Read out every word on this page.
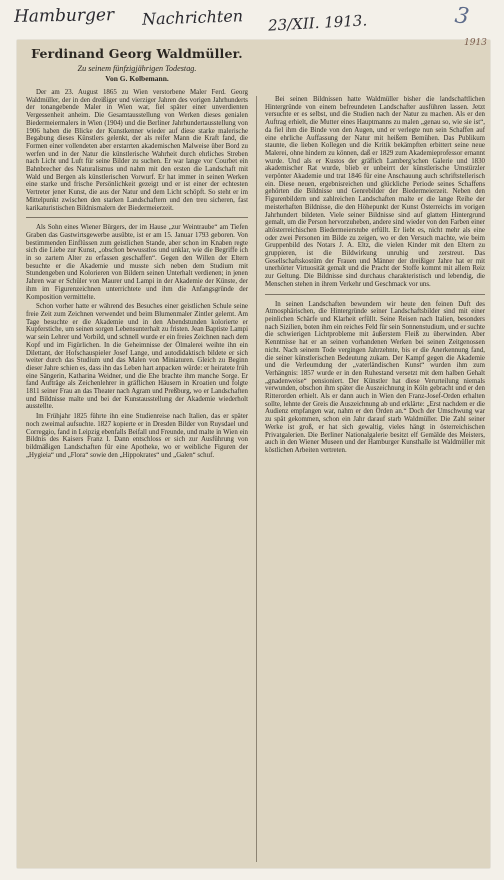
Ferdinand Georg Waldmüller.
Zu seinem fünfzigjährigen Todestag.
Von G. Kolbemann.

Der am 23. August 1865 zu Wien verstorbene Maler Ferd. Georg Waldmüller, der in den dreißiger und vierziger Jahren des vorigen Jahrhunderts der tonangebende Maler in Wien war, fiel später einer unverdienten Vergessenheit anheim. Die Gesamtausstellung von Werken dieses genialen Biedermeiermalers in Wien (1904) und die Berliner Jahrhundertausstellung von 1906 haben die Blicke der Kunstkenner wieder auf diese starke malerische Begabung dieses Künstlers gelenkt, der als reifer Mann die Kraft fand, die Formen einer vollendeten aber erstarrten akademischen Malweise über Bord zu werfen und in der Natur die künstlerische Wahrheit durch ehrliches Streben nach Licht und Luft für seine Bilder zu suchen. Er war lange vor Courbet ein Bahnbrecher des Naturalismus und nahm mit den ersten die Landschaft mit Wald und Bergen als künstlerischen Vorwurf. Er hat immer in seinen Werken eine starke und frische Persönlichkeit gezeigt und er ist einer der echtesten Vertreter jener Kunst, die aus der Natur und dem Licht schöpft. So steht er im Mittelpunkt zwischen den starken Landschaftern und den treu sicheren, fast karikaturistischen Bildnismalern der Biedermeierzeit.

Als Sohn eines Wiener Bürgers, der im Hause „zur Weintraube“ am Tiefen Graben das Gastwirtsgewerbe ausübte, ist er am 15. Januar 1793 geboren. Von bestimmenden Einflüssen zum geistlichen Stande, aber schon im Knaben regte sich die Liebe zur Kunst, „obschon bewusstlos und unklar, wie die Begriffe ich in so zartem Alter zu erfassen geschaffen“. Gegen den Willen der Eltern besuchte er die Akademie und musste sich neben dem Studium mit Stundengeben und Kolorieren von Bildern seinen Unterhalt verdienen; in jenen Jahren war er Schüler von Maurer und Lampi in der Akademie der Künste, der ihm im Figurenzeichnen unterrichtete und ihm die Anfangsgründe der Komposition vermittelte.

Schon vorher hatte er während des Besuches einer geistlichen Schule seine freie Zeit zum Zeichnen verwendet und beim Blumenmaler Zintler gelernt. Am Tage besuchte er die Akademie und in den Abendstunden kolorierte er Kupferstiche, um seinen sorgen Lebensunterhalt zu fristen. Jean Baptiste Lampi war sein Lehrer und Vorbild, und schnell wurde er ein freies Zeichnen nach dem Kopf und im Figürlichen. In die Geheimnisse der Ölmalerei weihte ihn ein Dilettant, der Hofschauspieler Josef Lange, und autodidaktisch bildete er sich weiter durch das Studium und das Malen von Miniaturen. Gleich zu Beginn dieser Jahre schien es, dass ihn das Leben hart anpacken würde: er heiratete früh eine Sängerin, Katharina Weidner, und die Ehe brachte ihm manche Sorge. Er fand Aufträge als Zeichenlehrer in gräflichen Häusern in Kroatien und folgte 1811 seiner Frau an das Theater nach Agram und Preßburg, wo er Landschaften und Bildnisse malte und bei der Kunstausstellung der Akademie wiederholt ausstellte.

Im Frühjahr 1825 führte ihn eine Studienreise nach Italien, das er später noch zweimal aufsuchte. 1827 kopierte er in Dresden Bilder von Ruysdael und Correggio, fand in Leipzig ebenfalls Beifall und Freunde, und malte in Wien ein Bildnis des Kaisers Franz I. Dann entschloss er sich zur Ausführung von bildmäßigen Landschaften für eine Apotheke, wo er weibliche Figuren der „Hygieia“ und „Flora“ sowie den „Hippokrates“ und „Galen“ schuf.

Bei seinen Bildnissen hatte Waldmüller bisher die landschaftlichen Hintergründe von einem befreundeten Landschafter ausführen lassen. Jetzt versuchte er es selbst, und die Studien nach der Natur zu machen. Als er den Auftrag erhielt, die Mutter eines Hauptmanns zu malen „genau so, wie sie ist“, da fiel ihm die Binde von den Augen, und er verlegte nun sein Schaffen auf eine ehrliche Auffassung der Natur mit heißem Bemühen. Das Publikum staunte, die lieben Kollegen und die Kritik bekämpften erbittert seine neue Malerei, ohne hindern zu können, daß er 1829 zum Akademieprofessor ernannt wurde. Und als er Kustos der gräflich Lamberg'schen Galerie und 1830 akademischer Rat wurde, blieb er unbeirrt der künstlerische Umstürzler verpönter Akademie und trat 1846 für eine Anschauung auch schriftstellerisch ein. Diese neuen, ergebnisreichen und glückliche Periode seines Schaffens gehörten die Bildnisse und Genrebilder der Biedermeierzeit. Neben den Figurenbildern und zahlreichen Landschaften malte er die lange Reihe der meisterhaften Bildnisse, die den Höhepunkt der Kunst Österreichs im vorigen Jahrhundert bildeten. Viele seiner Bildnisse sind auf glattem Hintergrund gemalt, um die Person hervorzuheben, andere sind wieder von den Farben einer altösterreichischen Biedermeierstube erfüllt. Er liebt es, nicht mehr als eine oder zwei Personen im Bilde zu zeigen, wo er den Versuch machte, wie beim Gruppenbild des Notars J. A. Eltz, die vielen Kinder mit den Eltern zu gruppieren, ist die Bildwirkung unruhig und zerstreut. Das Gesellschaftskostüm der Frauen und Männer der dreißiger Jahre hat er mit unerhörter Virtuosität gemalt und die Pracht der Stoffe kommt mit allem Reiz zur Geltung. Die Bildnisse sind durchaus charakteristisch und lebendig, die Menschen stehen in ihrem Verkehr und Geschmack vor uns.

In seinen Landschaften bewundern wir heute den feinen Duft des Atmosphärischen, die Hintergründe seiner Landschaftsbilder sind mit einer peinlichen Schärfe und Klarheit erfüllt. Seine Reisen nach Italien, besonders nach Sizilien, boten ihm ein reiches Feld für sein Sonnenstudium, und er suchte die schwierigen Lichtprobleme mit äußerstem Fleiß zu überwinden. Aber Kenntnisse hat er an seinen vorhandenen Werken bei seinen Zeitgenossen nicht. Nach seinem Tode vergingen Jahrzehnte, bis er die Anerkennung fand, die seiner künstlerischen Bedeutung zukam. Der Kampf gegen die Akademie und die Verleumdung der „vaterländischen Kunst“ wurden ihm zum Verhängnis: 1857 wurde er in den Ruhestand versetzt mit dem halben Gehalt „gnadenweise“ pensioniert. Der Künstler hat diese Verurteilung niemals verwunden, obschon ihm später die Auszeichnung in Köln gebracht und er den Ritterorden erhielt. Als er dann auch in Wien den Franz-Josef-Orden erhalten sollte, lehnte der Greis die Auszeichnung ab und erklärte: „Erst nachdem er die Audienz empfangen war, nahm er den Orden an.“ Doch der Umschwung war zu spät gekommen, schon ein Jahr darauf starb Waldmüller. Die Zahl seiner Werke ist groß, er hat sich gewaltig, vieles hängt in österreichischen Privatgalerien. Die Berliner Nationalgalerie besitzt elf Gemälde des Meisters, auch in den Wiener Museen und der Hamburger Kunsthalle ist Waldmüller mit köstlichen Arbeiten vertreten.

Hamburger Nachrichten 23/XII. 1913.	3
1913
